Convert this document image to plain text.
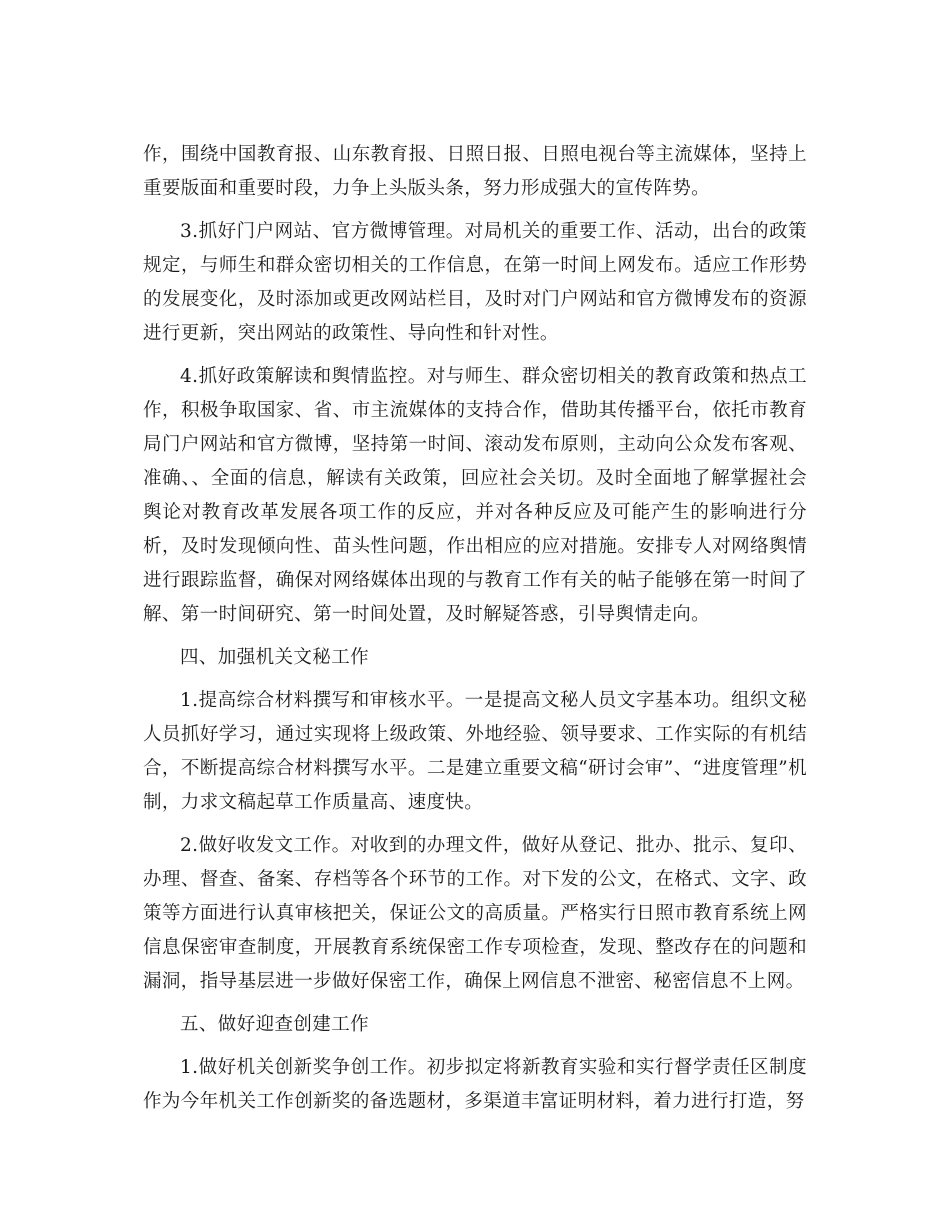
作，围绕中国教育报、山东教育报、日照日报、日照电视台等主流媒体，坚持上重要版面和重要时段，力争上头版头条，努力形成强大的宣传阵势。

3.抓好门户网站、官方微博管理。对局机关的重要工作、活动，出台的政策规定，与师生和群众密切相关的工作信息，在第一时间上网发布。适应工作形势的发展变化，及时添加或更改网站栏目，及时对门户网站和官方微博发布的资源进行更新，突出网站的政策性、导向性和针对性。

4.抓好政策解读和舆情监控。对与师生、群众密切相关的教育政策和热点工作，积极争取国家、省、市主流媒体的支持合作，借助其传播平台，依托市教育局门户网站和官方微博，坚持第一时间、滚动发布原则，主动向公众发布客观、准确、、全面的信息，解读有关政策，回应社会关切。及时全面地了解掌握社会舆论对教育改革发展各项工作的反应，并对各种反应及可能产生的影响进行分析，及时发现倾向性、苗头性问题，作出相应的应对措施。安排专人对网络舆情进行跟踪监督，确保对网络媒体出现的与教育工作有关的帖子能够在第一时间了解、第一时间研究、第一时间处置，及时解疑答惑，引导舆情走向。

四、加强机关文秘工作

1.提高综合材料撰写和审核水平。一是提高文秘人员文字基本功。组织文秘人员抓好学习，通过实现将上级政策、外地经验、领导要求、工作实际的有机结合，不断提高综合材料撰写水平。二是建立重要文稿“研讨会审”、“进度管理”机制，力求文稿起草工作质量高、速度快。

2.做好收发文工作。对收到的办理文件，做好从登记、批办、批示、复印、办理、督查、备案、存档等各个环节的工作。对下发的公文，在格式、文字、政策等方面进行认真审核把关，保证公文的高质量。严格实行日照市教育系统上网信息保密审查制度，开展教育系统保密工作专项检查，发现、整改存在的问题和漏洞，指导基层进一步做好保密工作，确保上网信息不泄密、秘密信息不上网。

五、做好迎查创建工作

1.做好机关创新奖争创工作。初步拟定将新教育实验和实行督学责任区制度作为今年机关工作创新奖的备选题材，多渠道丰富证明材料，着力进行打造，努
